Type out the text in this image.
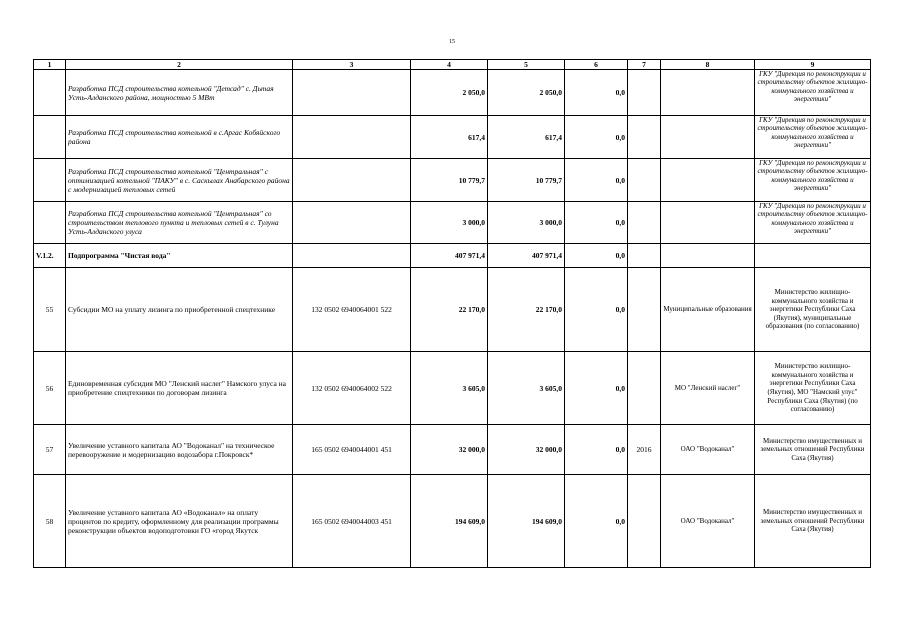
15
1	2	3	4	5	6	7	8	9
	Разработка ПСД строительства котельной "Детсад" с. Дьтая Усть-Алданского района, мощностью 5 МВт		2 050,0	2 050,0	0,0			ГКУ "Дирекция по реконструкции и строительству объектов жилищно-коммунального хозяйства и энергетики"
	Разработка ПСД строительства котельной в с.Аргас Кобяйского района		617,4	617,4	0,0			ГКУ "Дирекция по реконструкции и строительству объектов жилищно-коммунального хозяйства и энергетики"
	Разработка ПСД строительства котельной "Центральная" с оптимизацией котельной "ПАКУ" в с. Саскылах Анабарского района с модернизацией тепловых сетей		10 779,7	10 779,7	0,0			ГКУ "Дирекция по реконструкции и строительству объектов жилищно-коммунального хозяйства и энергетики"
	Разработка ПСД строительства котельной "Центральная" со строительством теплового пункта и тепловых сетей в с. Тулуна Усть-Алданского улуса		3 000,0	3 000,0	0,0			ГКУ "Дирекция по реконструкции и строительству объектов жилищно-коммунального хозяйства и энергетики"
V.1.2.	Подпрограмма "Чистая вода"		407 971,4	407 971,4	0,0			
55	Субсидии МО на уплату лизинга по приобретенной спецтехнике	132 0502 6940064001 522	22 170,0	22 170,0	0,0		Муниципальные образования	Министерство жилищно-коммунального хозяйства и энергетики Республики Саха (Якутия), муниципальные образования (по согласованию)
56	Единовременная субсидия МО "Ленский наслег" Намского улуса на приобретение спецтехники по договорам лизинга	132 0502 6940064002 522	3 605,0	3 605,0	0,0		МО "Ленский наслег"	Министерство жилищно-коммунального хозяйства и энергетики Республики Саха (Якутия), МО "Намский улус" Республики Саха (Якутия) (по согласованию)
57	Увеличение уставного капитала АО "Водоканал" на техническое перевооружение и модернизацию водозабора г.Покровск*	165 0502 6940044001 451	32 000,0	32 000,0	0,0	2016	ОАО "Водоканал"	Министерство имущественных и земельных отношений Республики Саха (Якутия)
58	Увеличение уставного капитала АО «Водоканал» на оплату процентов по кредиту, оформленному для реализации программы реконструкции объектов водоподготовки ГО «город Якутск	165 0502 6940044003 451	194 609,0	194 609,0	0,0		ОАО "Водоканал"	Министерство имущественных и земельных отношений Республики Саха (Якутия)
